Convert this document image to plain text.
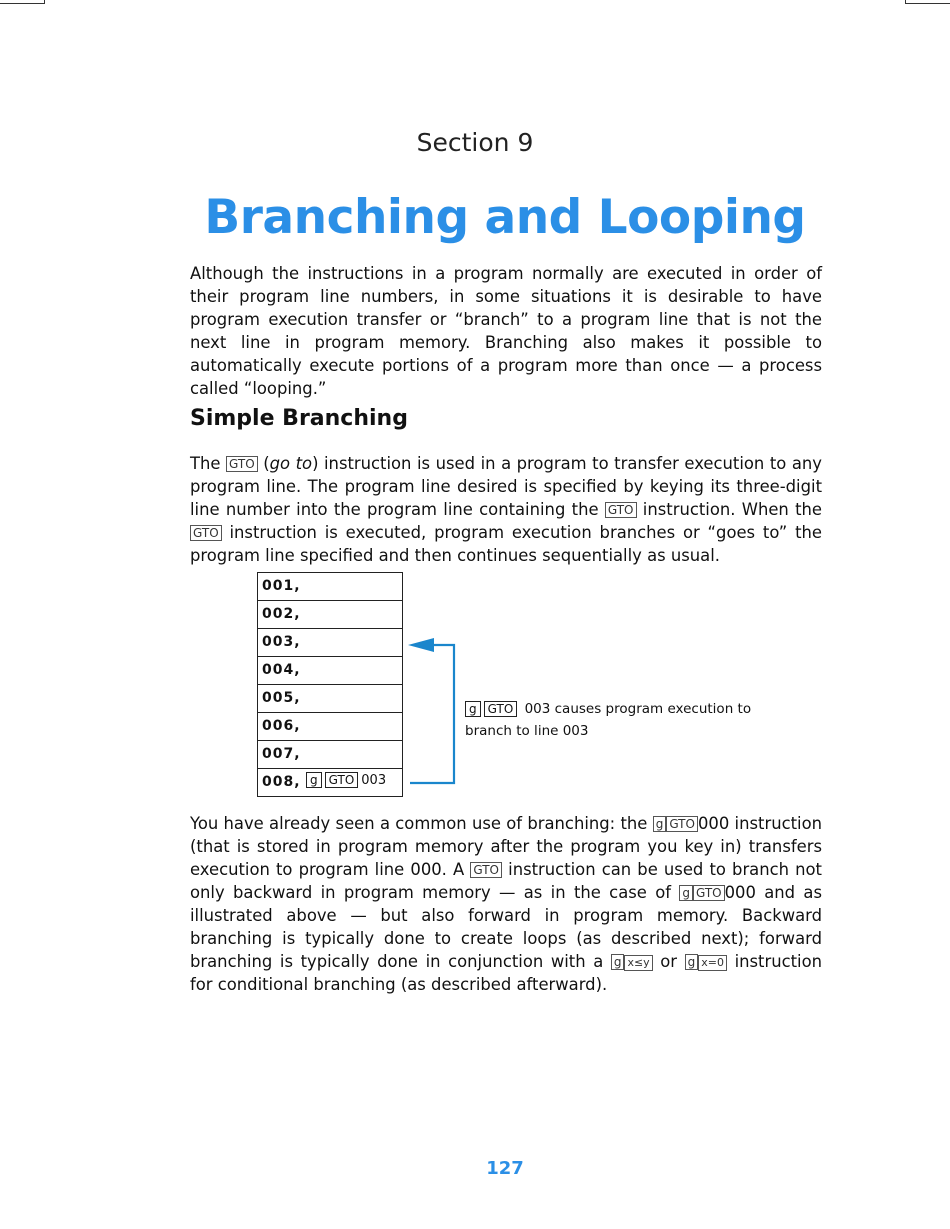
Section 9
Branching and Looping

Although the instructions in a program normally are executed in order of their program line numbers, in some situations it is desirable to have program execution transfer or “branch” to a program line that is not the next line in program memory. Branching also makes it possible to automatically execute portions of a program more than once — a process called “looping.”

Simple Branching

The GTO (go to) instruction is used in a program to transfer execution to any program line. The program line desired is specified by keying its three-digit line number into the program line containing the GTO instruction. When the GTO instruction is executed, program execution branches or “goes to” the program line specified and then continues sequentially as usual.

001,
002,
003,
004,
005,
006,
007,
008, g GTO 003
g GTO 003 causes program execution to
branch to line 003

You have already seen a common use of branching: the g GTO 000 instruction (that is stored in program memory after the program you key in) transfers execution to program line 000. A GTO instruction can be used to branch not only backward in program memory — as in the case of g GTO 000 and as illustrated above — but also forward in program memory. Backward branching is typically done to create loops (as described next); forward branching is typically done in conjunction with a g x≤y or g x=0 instruction for conditional branching (as described afterward).

127
